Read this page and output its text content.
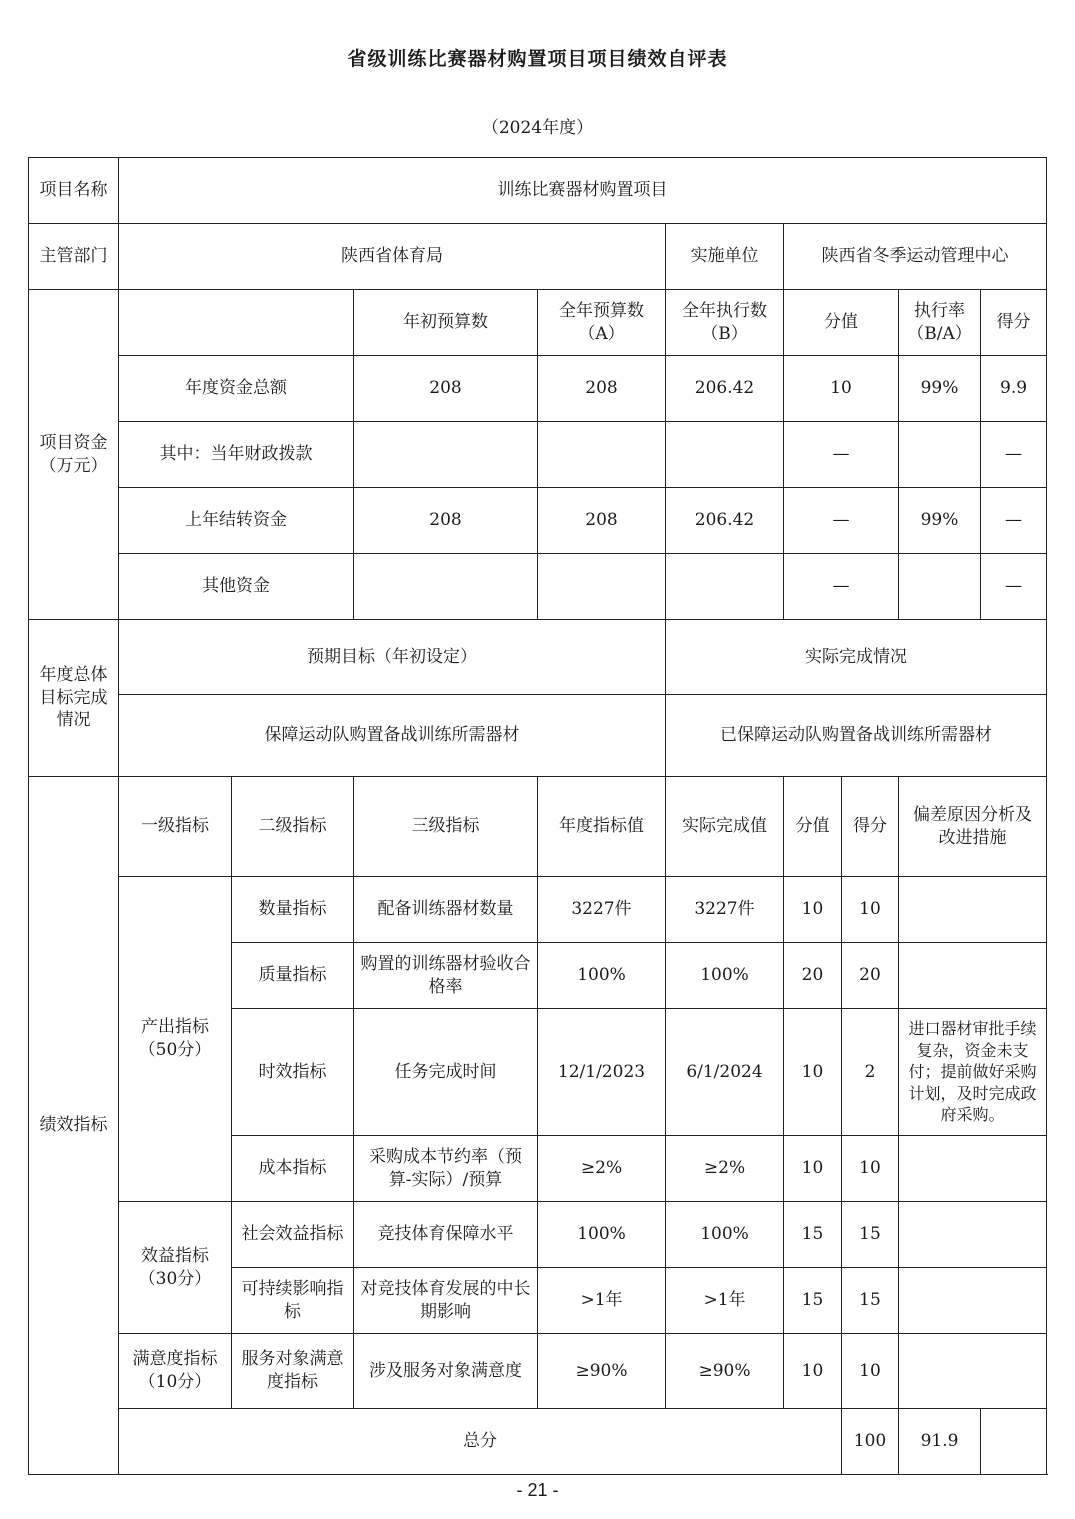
省级训练比赛器材购置项目项目绩效自评表
（2024年度）
项目名称	训练比赛器材购置项目								
主管部门	陕西省体育局				实施单位	陕西省冬季运动管理中心			
项目资金（万元）			年初预算数	全年预算数（A）	全年执行数（B）	分值		执行率（B/A）	得分
	年度资金总额		208	208	206.42	10		99%	9.9
	其中：当年财政拨款					—			—
	上年结转资金		208	208	206.42	—		99%	—
	其他资金					—			—
年度总体目标完成情况	预期目标（年初设定）				实际完成情况				
	保障运动队购置备战训练所需器材				已保障运动队购置备战训练所需器材				
绩效指标	一级指标	二级指标	三级指标	年度指标值	实际完成值	分值	得分	偏差原因分析及改进措施	
	产出指标（50分）	数量指标	配备训练器材数量	3227件	3227件	10	10		
		质量指标	购置的训练器材验收合格率	100%	100%	20	20		
		时效指标	任务完成时间	12/1/2023	6/1/2024	10	2	进口器材审批手续复杂，资金未支付；提前做好采购计划，及时完成政府采购。	
		成本指标	采购成本节约率（预算-实际）/预算	≥2%	≥2%	10	10		
	效益指标（30分）	社会效益指标	竞技体育保障水平	100%	100%	15	15		
		可持续影响指标	对竞技体育发展的中长期影响	>1年	>1年	15	15		
	满意度指标（10分）	服务对象满意度指标	涉及服务对象满意度	≥90%	≥90%	10	10		
	总分						100	91.9	
- 21 -
